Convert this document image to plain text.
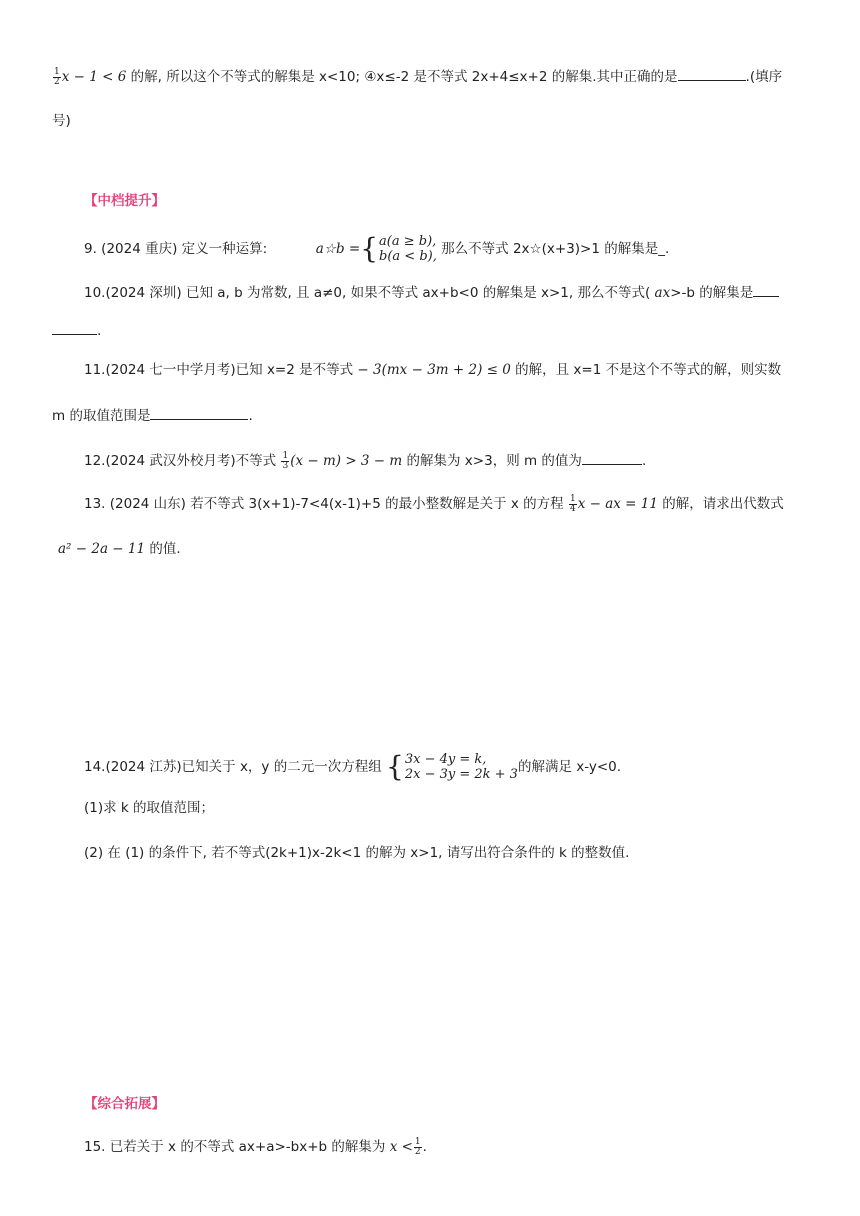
$\frac{1}{2}$ x − 1 < 6 的解, 所以这个不等式的解集是 x<10; ④x≤-2 是不等式 2x+4≤x+2 的解集.其中正确的是	.(填序
号)
【中档提升】
9. (2024 重庆) 定义一种运算:	a☆b ={ a(a ≥ b),
b(a < b), 那么不等式 2x☆(x+3)>1 的解集是_.
10.(2024 深圳) 已知 a, b 为常数, 且 a≠0, 如果不等式 ax+b<0 的解集是 x>1, 那么不等式( ax>-b 的解集是
.
11.(2024 七一中学月考)已知 x=2 是不等式 − 3(mx − 3m + 2) ≤ 0 的解，且 x=1 不是这个不等式的解，则实数
m 的取值范围是	.
12.(2024 武汉外校月考)不等式 $\frac{1}{3} (x - m) > 3 - m$ 的解集为 x>3，则 m 的值为	.
13. (2024 山东) 若不等式 3(x+1)-7<4(x-1)+5 的最小整数解是关于 x 的方程 $\frac{1}{4}$ x − ax = 11 的解，请求出代数式
a² − 2a − 11 的值.
14.(2024 江苏)已知关于 x，y 的二元一次方程组 { 3x − 4y = k,
2x − 3y = 2k + 3 的解满足 x-y<0.
(1)求 k 的取值范围；
(2) 在 (1) 的条件下, 若不等式(2k+1)x-2k<1 的解为 x>1, 请写出符合条件的 k 的整数值.
【综合拓展】
15. 已若关于 x 的不等式 ax+a>-bx+b 的解集为 $x < \frac{1}{2}$ .
